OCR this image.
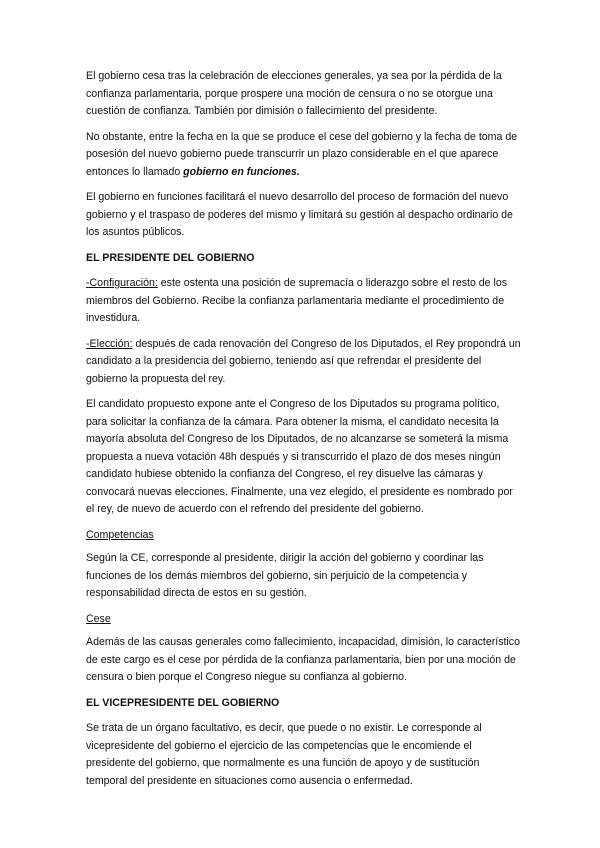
El gobierno cesa tras la celebración de elecciones generales, ya sea por la pérdida de la confianza parlamentaria, porque prospere una moción de censura o no se otorgue una cuestión de confianza. También por dimisión o fallecimiento del presidente.

No obstante, entre la fecha en la que se produce el cese del gobierno y la fecha de toma de posesión del nuevo gobierno puede transcurrir un plazo considerable en el que aparece entonces lo llamado gobierno en funciones.

El gobierno en funciones facilitará el nuevo desarrollo del proceso de formación del nuevo gobierno y el traspaso de poderes del mismo y limitará su gestión al despacho ordinario de los asuntos públicos.

EL PRESIDENTE DEL GOBIERNO

-Configuración: este ostenta una posición de supremacía o liderazgo sobre el resto de los miembros del Gobierno. Recibe la confianza parlamentaria mediante el procedimiento de investidura.

-Elección: después de cada renovación del Congreso de los Diputados, el Rey propondrá un candidato a la presidencia del gobierno, teniendo así que refrendar el presidente del gobierno la propuesta del rey.

El candidato propuesto expone ante el Congreso de los Diputados su programa político, para solicitar la confianza de la cámara. Para obtener la misma, el candidato necesita la mayoría absoluta del Congreso de los Diputados, de no alcanzarse se someterá la misma propuesta a nueva votación 48h después y si transcurrido el plazo de dos meses ningún candidato hubiese obtenido la confianza del Congreso, el rey disuelve las cámaras y convocará nuevas elecciones. Finalmente, una vez elegido, el presidente es nombrado por el rey, de nuevo de acuerdo con el refrendo del presidente del gobierno.

Competencias

Según la CE, corresponde al presidente, dirigir la acción del gobierno y coordinar las funciones de los demás miembros del gobierno, sin perjuicio de la competencia y responsabilidad directa de estos en su gestión.

Cese

Además de las causas generales como fallecimiento, incapacidad, dimisión, lo característico de este cargo es el cese por pérdida de la confianza parlamentaria, bien por una moción de censura o bien porque el Congreso niegue su confianza al gobierno.

EL VICEPRESIDENTE DEL GOBIERNO

Se trata de un órgano facultativo, es decir, que puede o no existir. Le corresponde al vicepresidente del gobierno el ejercicio de las competencias que le encomiende el presidente del gobierno, que normalmente es una función de apoyo y de sustitución temporal del presidente en situaciones como ausencia o enfermedad.
